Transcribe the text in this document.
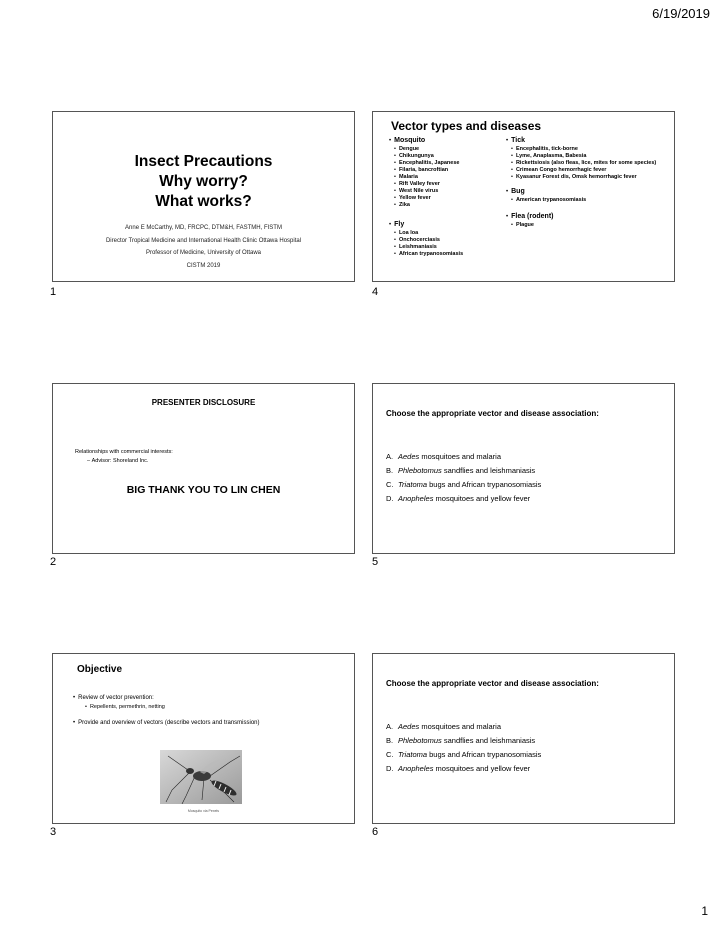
6/19/2019
Insect Precautions
Why worry?
What works?
Anne E McCarthy, MD, FRCPC, DTM&H, FASTMH, FISTM
Director Tropical Medicine and International Health Clinic Ottawa Hospital
Professor of Medicine, University of Ottawa
CISTM 2019
1
Vector types and diseases
• Mosquito
• Dengue
• Chikungunya
• Encephalitis, Japanese
• Filaria, bancroftian
• Malaria
• Rift Valley fever
• West Nile virus
• Yellow fever
• Zika
• Fly
• Loa loa
• Onchocerciasis
• Leishmaniasis
• African trypanosomiasis
• Tick
• Encephalitis, tick-borne
• Lyme, Anaplasma, Babesia
• Rickettsiosis (also fleas, lice, mites for some species)
• Crimean Congo hemorrhagic fever
• Kyasanur Forest dis, Omsk hemorrhagic fever
• Bug
• American trypanosomiasis
• Flea (rodent)
• Plague
4
PRESENTER DISCLOSURE
Relationships with commercial interests:
– Advisor: Shoreland Inc.
BIG THANK YOU TO LIN CHEN
2
Choose the appropriate vector and disease association:
A. Aedes mosquitoes and malaria
B. Phlebotomus sandflies and leishmaniasis
C. Triatoma bugs and African trypanosomiasis
D. Anopheles mosquitoes and yellow fever
5
Objective
• Review of vector prevention:
• Repellents, permethrin, netting
• Provide and overview of vectors (describe vectors and transmission)
Mosquito via Pexels
3
Choose the appropriate vector and disease association:
A. Aedes mosquitoes and malaria
B. Phlebotomus sandflies and leishmaniasis
C. Triatoma bugs and African trypanosomiasis
D. Anopheles mosquitoes and yellow fever
6
1
